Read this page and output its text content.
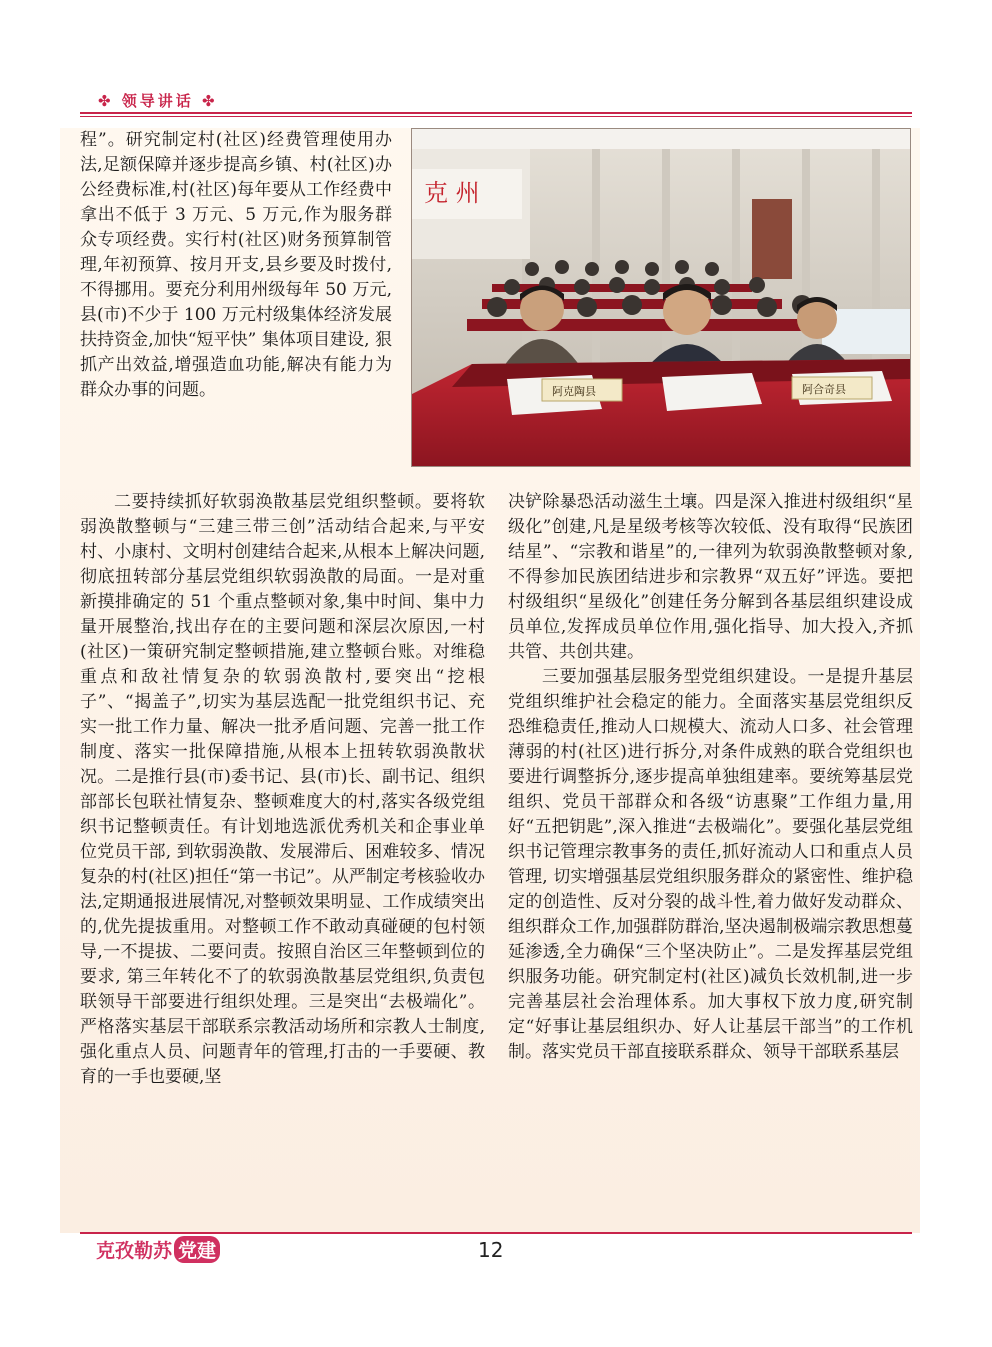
✤ 领导讲话 ✤

程”。研究制定村(社区)经费管理使用办法,足额保障并逐步提高乡镇、村(社区)办公经费标准,村(社区)每年要从工作经费中拿出不低于 3 万元、5 万元,作为服务群众专项经费。实行村(社区)财务预算制管理,年初预算、按月开支,县乡要及时拨付,不得挪用。要充分利用州级每年 50 万元,县(市)不少于 100 万元村级集体经济发展扶持资金,加快“短平快” 集体项目建设, 狠抓产出效益,增强造血功能,解决有能力为群众办事的问题。

克 州
阿克陶县	阿合奇县

二要持续抓好软弱涣散基层党组织整顿。要将软弱涣散整顿与“三建三带三创”活动结合起来,与平安村、小康村、文明村创建结合起来,从根本上解决问题,彻底扭转部分基层党组织软弱涣散的局面。一是对重新摸排确定的 51 个重点整顿对象,集中时间、集中力量开展整治,找出存在的主要问题和深层次原因,一村(社区)一策研究制定整顿措施,建立整顿台账。对维稳重点和敌社情复杂的软弱涣散村,要突出“挖根子”、“揭盖子”,切实为基层选配一批党组织书记、充实一批工作力量、解决一批矛盾问题、完善一批工作制度、落实一批保障措施,从根本上扭转软弱涣散状况。二是推行县(市)委书记、县(市)长、副书记、组织部部长包联社情复杂、整顿难度大的村,落实各级党组织书记整顿责任。有计划地选派优秀机关和企事业单位党员干部, 到软弱涣散、发展滞后、困难较多、情况复杂的村(社区)担任“第一书记”。从严制定考核验收办法,定期通报进展情况,对整顿效果明显、工作成绩突出的,优先提拔重用。对整顿工作不敢动真碰硬的包村领导,一不提拔、二要问责。按照自治区三年整顿到位的要求, 第三年转化不了的软弱涣散基层党组织,负责包联领导干部要进行组织处理。三是突出“去极端化”。严格落实基层干部联系宗教活动场所和宗教人士制度,强化重点人员、问题青年的管理,打击的一手要硬、教育的一手也要硬,坚

决铲除暴恐活动滋生土壤。四是深入推进村级组织“星级化”创建,凡是星级考核等次较低、没有取得“民族团结星”、“宗教和谐星”的,一律列为软弱涣散整顿对象,不得参加民族团结进步和宗教界“双五好”评选。要把村级组织“星级化”创建任务分解到各基层组织建设成员单位,发挥成员单位作用,强化指导、加大投入,齐抓共管、共创共建。

三要加强基层服务型党组织建设。一是提升基层党组织维护社会稳定的能力。全面落实基层党组织反恐维稳责任,推动人口规模大、流动人口多、社会管理薄弱的村(社区)进行拆分,对条件成熟的联合党组织也要进行调整拆分,逐步提高单独组建率。要统筹基层党组织、党员干部群众和各级“访惠聚”工作组力量,用好“五把钥匙”,深入推进“去极端化”。要强化基层党组织书记管理宗教事务的责任,抓好流动人口和重点人员管理, 切实增强基层党组织服务群众的紧密性、维护稳定的创造性、反对分裂的战斗性,着力做好发动群众、组织群众工作,加强群防群治,坚决遏制极端宗教思想蔓延渗透,全力确保“三个坚决防止”。二是发挥基层党组织服务功能。研究制定村(社区)减负长效机制,进一步完善基层社会治理体系。加大事权下放力度,研究制定“好事让基层组织办、好人让基层干部当”的工作机制。落实党员干部直接联系群众、领导干部联系基层

克孜勒苏 党建	12
